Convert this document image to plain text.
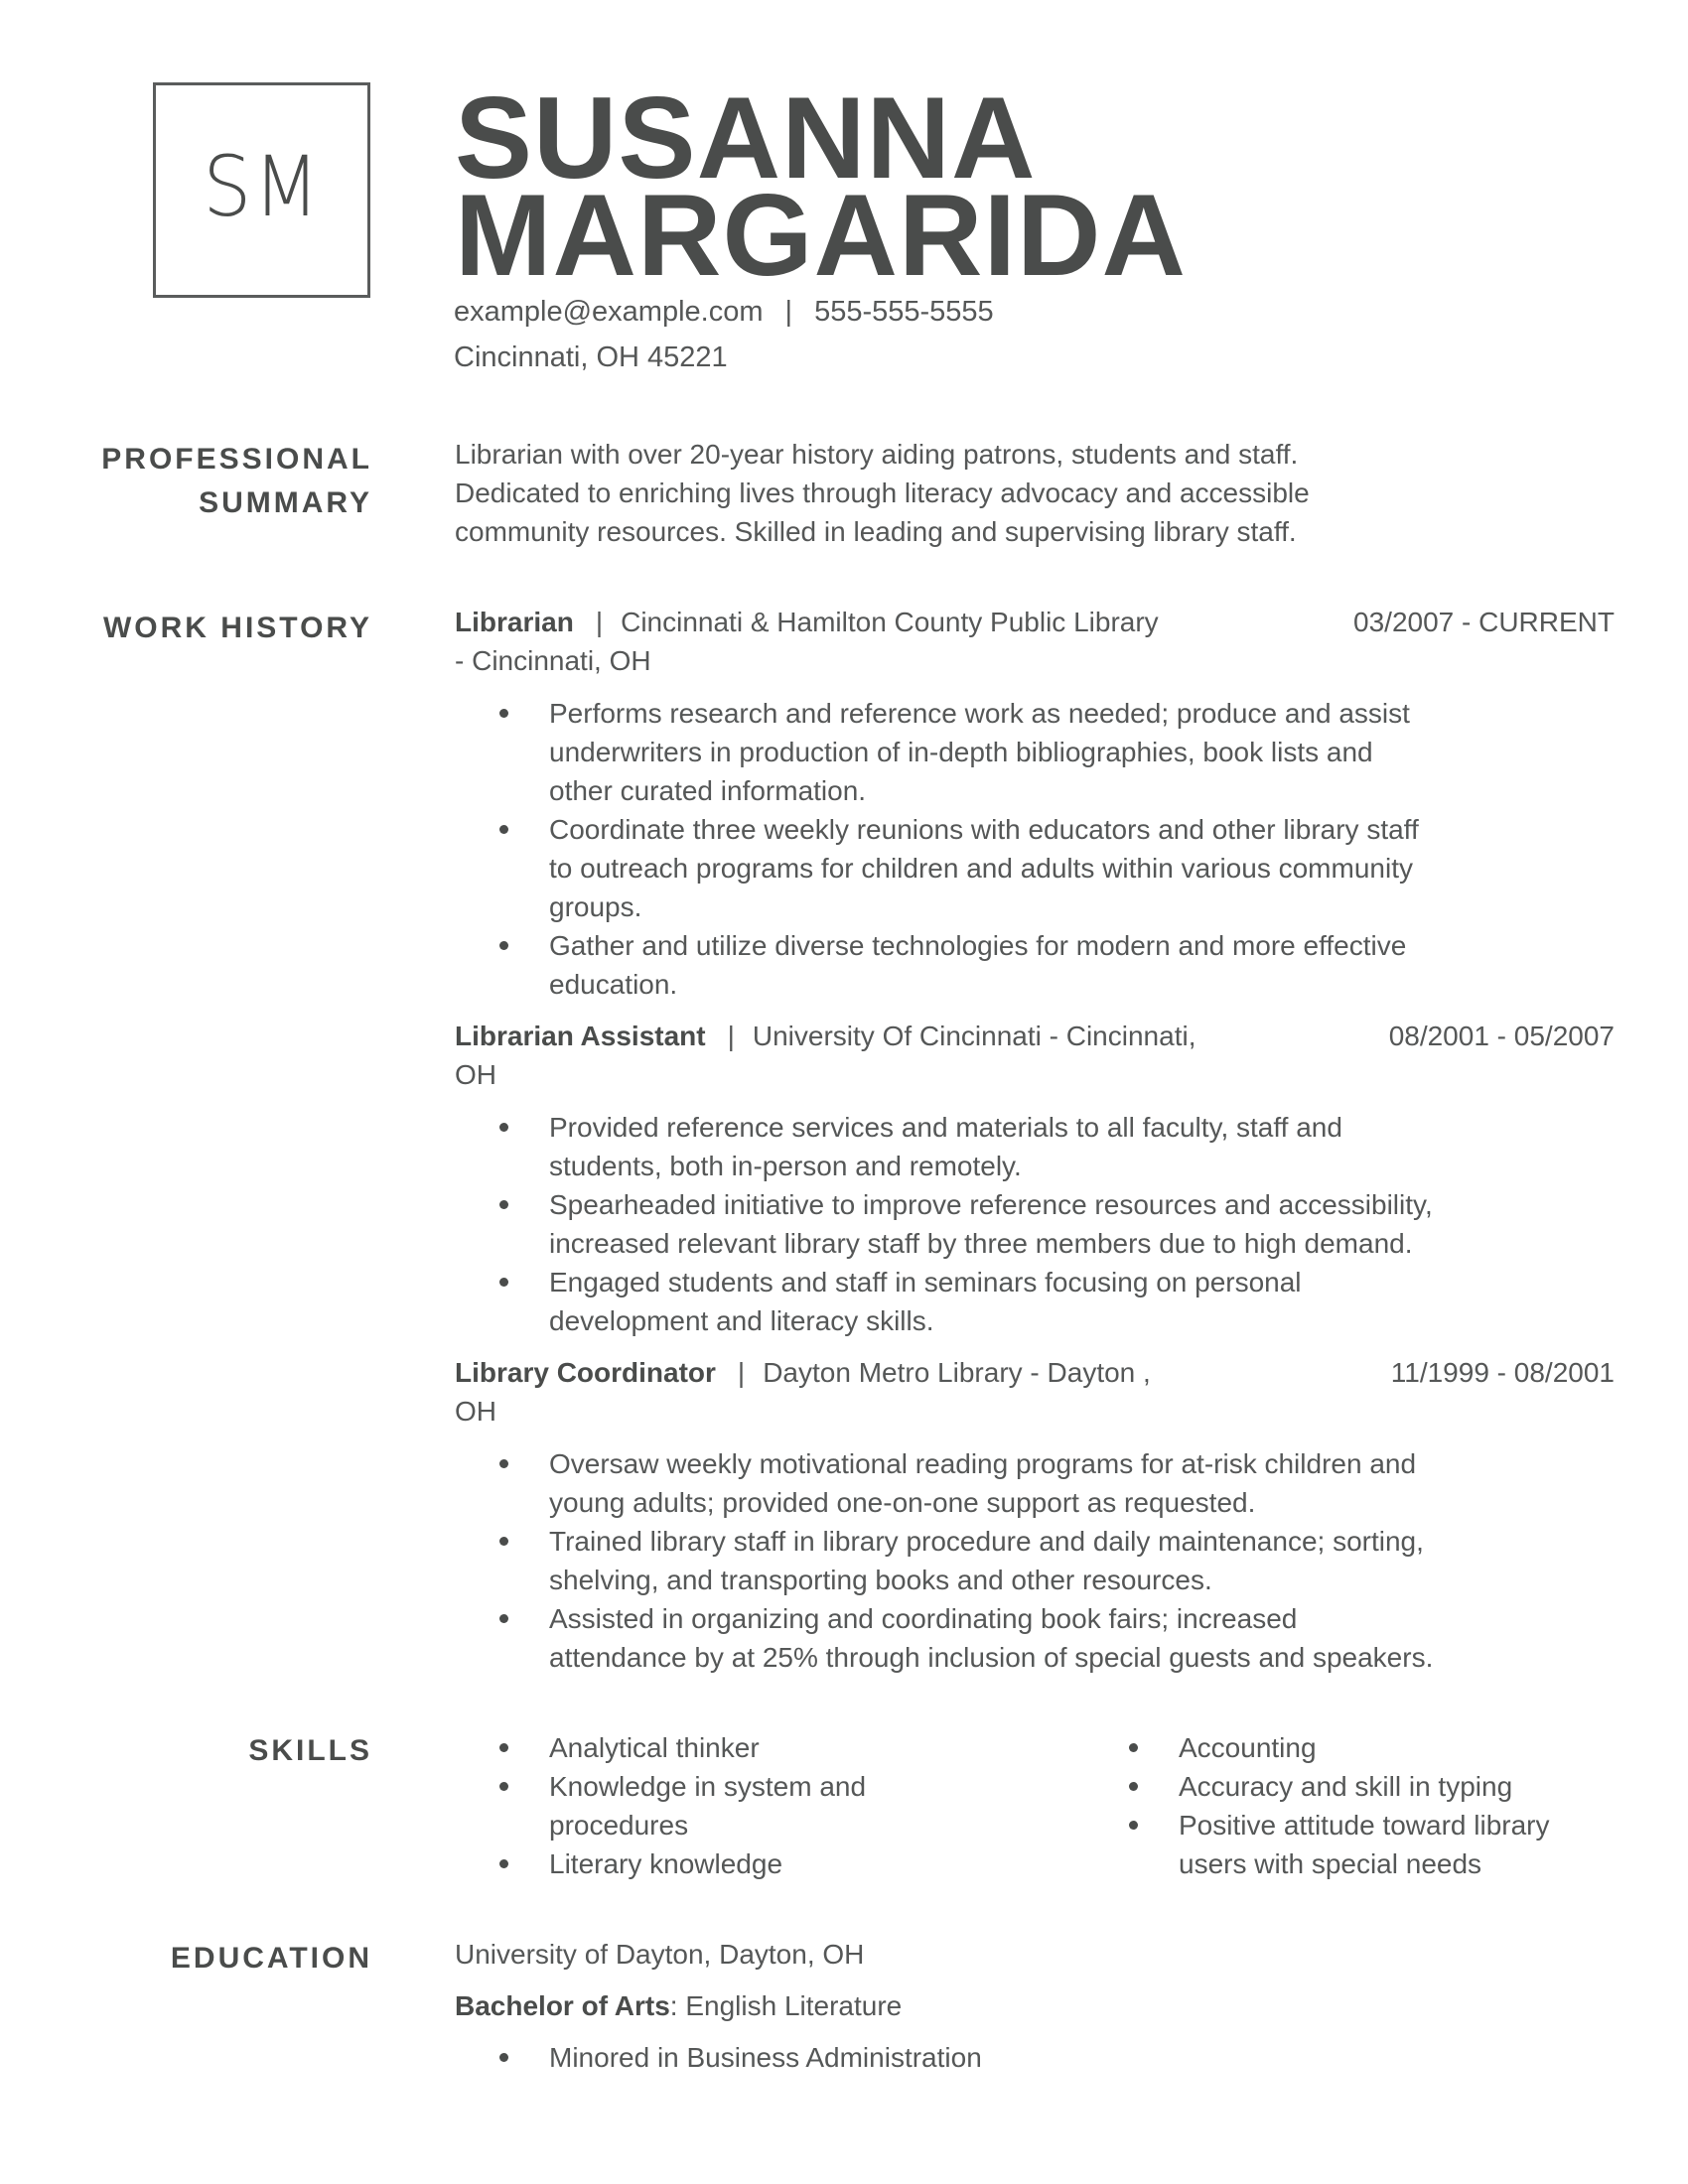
SM SUSANNA
MARGARIDA
example@example.com | 555-555-5555
Cincinnati, OH 45221
PROFESSIONAL
SUMMARY
Librarian with over 20-year history aiding patrons, students and staff.
Dedicated to enriching lives through literacy advocacy and accessible
community resources. Skilled in leading and supervising library staff.
WORK HISTORY	Librarian | Cincinnati & Hamilton County Public Library
- Cincinnati, OH
03/2007 - CURRENT
Performs research and reference work as needed; produce and assist
underwriters in production of in-depth bibliographies, book lists and
other curated information.
Coordinate three weekly reunions with educators and other library staff
to outreach programs for children and adults within various community
groups.
Gather and utilize diverse technologies for modern and more effective
education.
Librarian Assistant | University Of Cincinnati - Cincinnati,
OH
08/2001 - 05/2007
Provided reference services and materials to all faculty, staff and
students, both in-person and remotely.
Spearheaded initiative to improve reference resources and accessibility,
increased relevant library staff by three members due to high demand.
Engaged students and staff in seminars focusing on personal
development and literacy skills.
Library Coordinator | Dayton Metro Library - Dayton ,
OH
11/1999 - 08/2001
Oversaw weekly motivational reading programs for at-risk children and
young adults; provided one-on-one support as requested.
Trained library staff in library procedure and daily maintenance; sorting,
shelving, and transporting books and other resources.
Assisted in organizing and coordinating book fairs; increased
attendance by at 25% through inclusion of special guests and speakers.
SKILLS	Analytical thinker
Knowledge in system and
procedures
Literary knowledge
Accounting
Accuracy and skill in typing
Positive attitude toward library
users with special needs
EDUCATION	University of Dayton, Dayton, OH
Bachelor of Arts: English Literature
Minored in Business Administration
